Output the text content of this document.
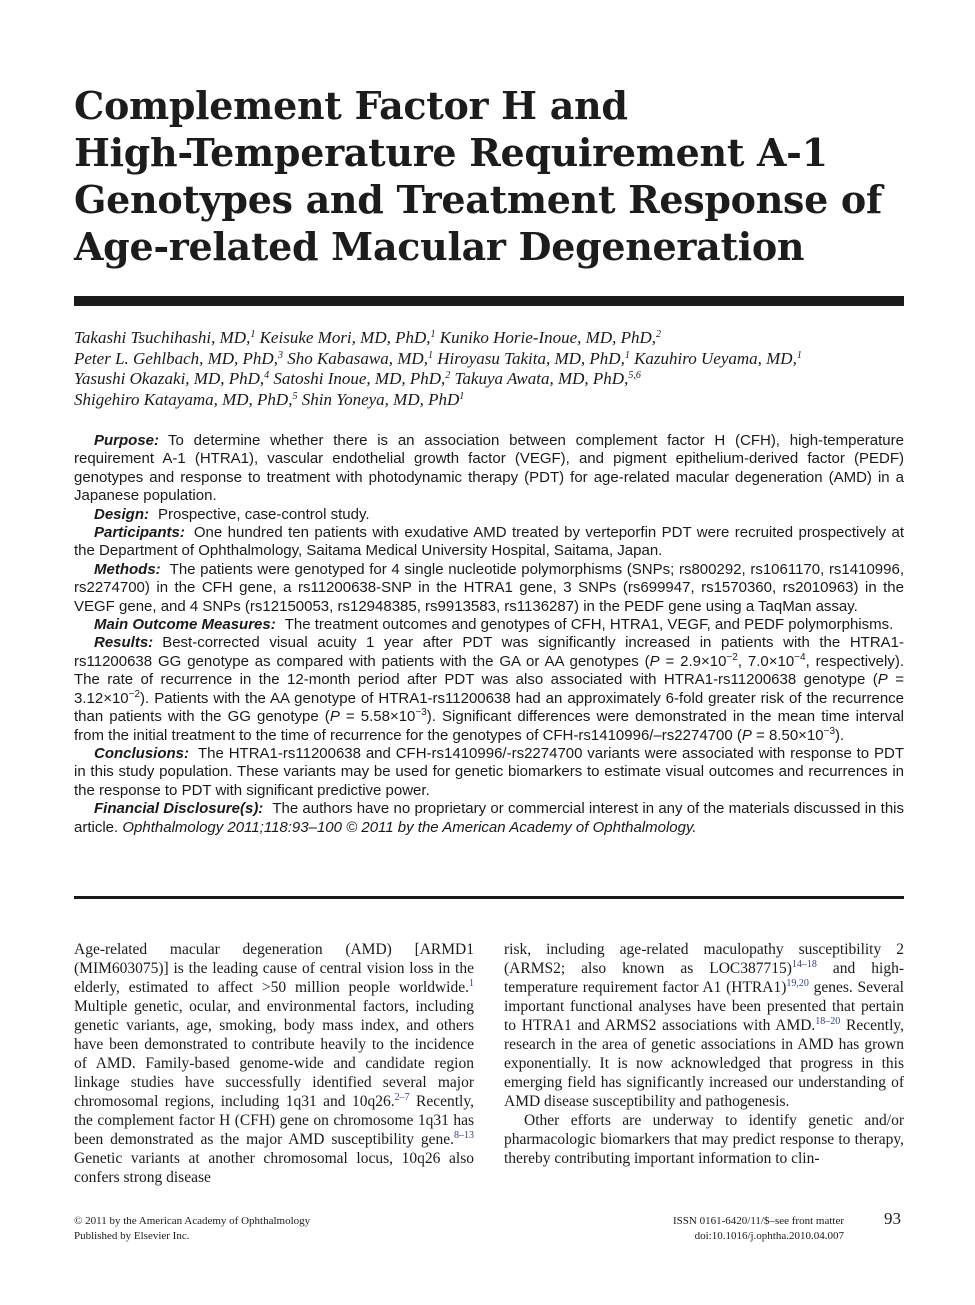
Complement Factor H and
High-Temperature Requirement A-1
Genotypes and Treatment Response of
Age-related Macular Degeneration
Takashi Tsuchihashi, MD,$^1$ Keisuke Mori, MD, PhD,$^1$ Kuniko Horie-Inoue, MD, PhD,$^2$
Peter L. Gehlbach, MD, PhD,$^3$ Sho Kabasawa, MD,$^1$ Hiroyasu Takita, MD, PhD,$^1$ Kazuhiro Ueyama, MD,$^1$
Yasushi Okazaki, MD, PhD,$^4$ Satoshi Inoue, MD, PhD,$^2$ Takuya Awata, MD, PhD,$^{5,6}$
Shigehiro Katayama, MD, PhD,$^5$ Shin Yoneya, MD, PhD$^1$

Purpose: To determine whether there is an association between complement factor H (CFH), high-temperature requirement A-1 (HTRA1), vascular endothelial growth factor (VEGF), and pigment epithelium-derived factor (PEDF) genotypes and response to treatment with photodynamic therapy (PDT) for age-related macular degeneration (AMD) in a Japanese population.

Design: Prospective, case-control study.

Participants: One hundred ten patients with exudative AMD treated by verteporfin PDT were recruited prospectively at the Department of Ophthalmology, Saitama Medical University Hospital, Saitama, Japan.

Methods: The patients were genotyped for 4 single nucleotide polymorphisms (SNPs; rs800292, rs1061170, rs1410996, rs2274700) in the CFH gene, a rs11200638-SNP in the HTRA1 gene, 3 SNPs (rs699947, rs1570360, rs2010963) in the VEGF gene, and 4 SNPs (rs12150053, rs12948385, rs9913583, rs1136287) in the PEDF gene using a TaqMan assay.

Main Outcome Measures: The treatment outcomes and genotypes of CFH, HTRA1, VEGF, and PEDF polymorphisms.

Results: Best-corrected visual acuity 1 year after PDT was significantly increased in patients with the HTRA1-rs11200638 GG genotype as compared with patients with the GA or AA genotypes ($P = 2.9\times 10^{-2}$, $7.0\times 10^{-4}$, respectively). The rate of recurrence in the 12-month period after PDT was also associated with HTRA1-rs11200638 genotype $(P = 3.12\times 10^{-2})$. Patients with the AA genotype of HTRA1-rs11200638 had an approximately 6-fold greater risk of the recurrence than patients with the GG genotype $(P = 5.58\times 10^{-3})$. Significant differences were demonstrated in the mean time interval from the initial treatment to the time of recurrence for the genotypes of CFH-rs1410996/–rs2274700 $(P = 8.50\times 10^{-3})$.

Conclusions: The HTRA1-rs11200638 and CFH-rs1410996/-rs2274700 variants were associated with response to PDT in this study population. These variants may be used for genetic biomarkers to estimate visual outcomes and recurrences in the response to PDT with significant predictive power.

Financial Disclosure(s): The authors have no proprietary or commercial interest in any of the materials discussed in this article. Ophthalmology 2011;118:93–100 © 2011 by the American Academy of Ophthalmology.

Age-related macular degeneration (AMD) [ARMD1 (MIM603075)] is the leading cause of central vision loss in the elderly, estimated to affect >50 million people worldwide.$^1$ Multiple genetic, ocular, and environmental factors, including genetic variants, age, smoking, body mass index, and others have been demonstrated to contribute heavily to the incidence of AMD. Family-based genome-wide and candidate region linkage studies have successfully identified several major chromosomal regions, including 1q31 and 10q26.$^{2-7}$ Recently, the complement factor H (CFH) gene on chromosome 1q31 has been demonstrated as the major AMD susceptibility gene.$^{8-13}$ Genetic variants at another chromosomal locus, 10q26 also confers strong disease

risk, including age-related maculopathy susceptibility 2 (ARMS2; also known as LOC387715)$^{14-18}$ and high-temperature requirement factor A1 (HTRA1)$^{19,20}$ genes. Several important functional analyses have been presented that pertain to HTRA1 and ARMS2 associations with AMD.$^{18-20}$ Recently, research in the area of genetic associations in AMD has grown exponentially. It is now acknowledged that progress in this emerging field has significantly increased our understanding of AMD disease susceptibility and pathogenesis.

Other efforts are underway to identify genetic and/or pharmacologic biomarkers that may predict response to therapy, thereby contributing important information to clin-

© 2011 by the American Academy of Ophthalmology
Published by Elsevier Inc.
ISSN 0161-6420/11/$–see front matter
doi:10.1016/j.ophtha.2010.04.007
93
